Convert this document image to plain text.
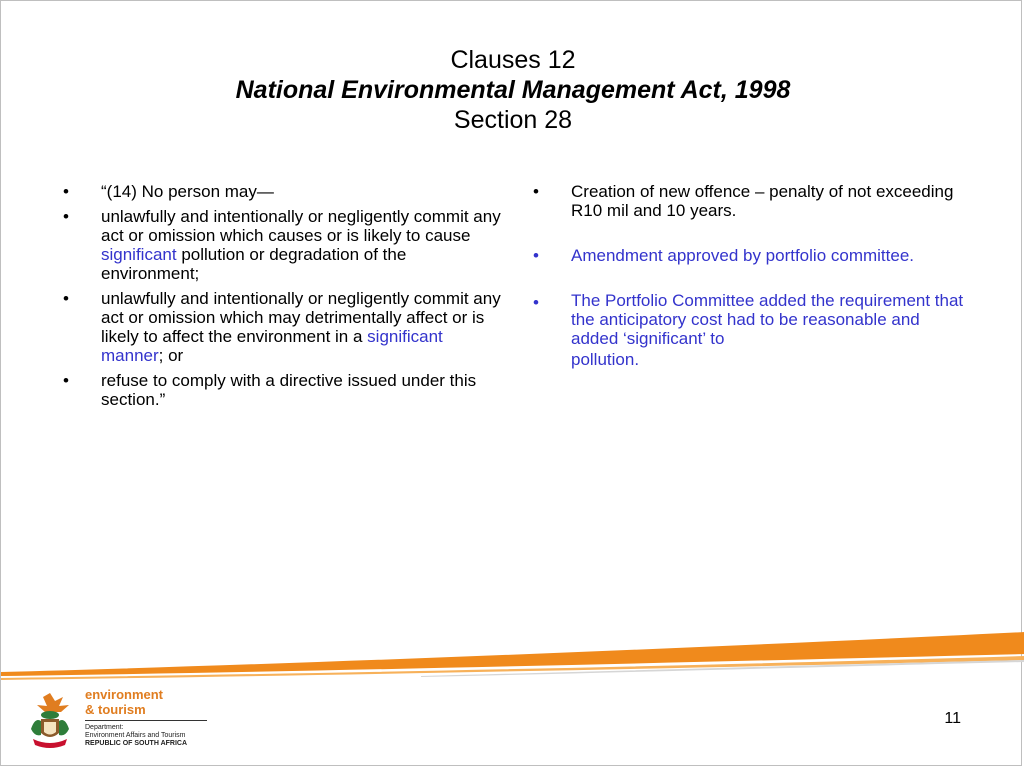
Clauses 12
National Environmental Management Act, 1998
Section 28
• “(14) No person may—
• unlawfully and intentionally or negligently commit any act or omission which causes or is likely to cause significant pollution or degradation of the environment;
• unlawfully and intentionally or negligently commit any act or omission which may detrimentally affect or is likely to affect the environment in a significant manner; or
• refuse to comply with a directive issued under this section.”
• Creation of new offence – penalty of not exceeding R10 mil and 10 years.
• Amendment approved by portfolio committee.
• The Portfolio Committee added the requirement that the anticipatory cost had to be reasonable and added ‘significant’ to
pollution.
environment
& tourism
Department:
Environment Affairs and Tourism
REPUBLIC OF SOUTH AFRICA
11
